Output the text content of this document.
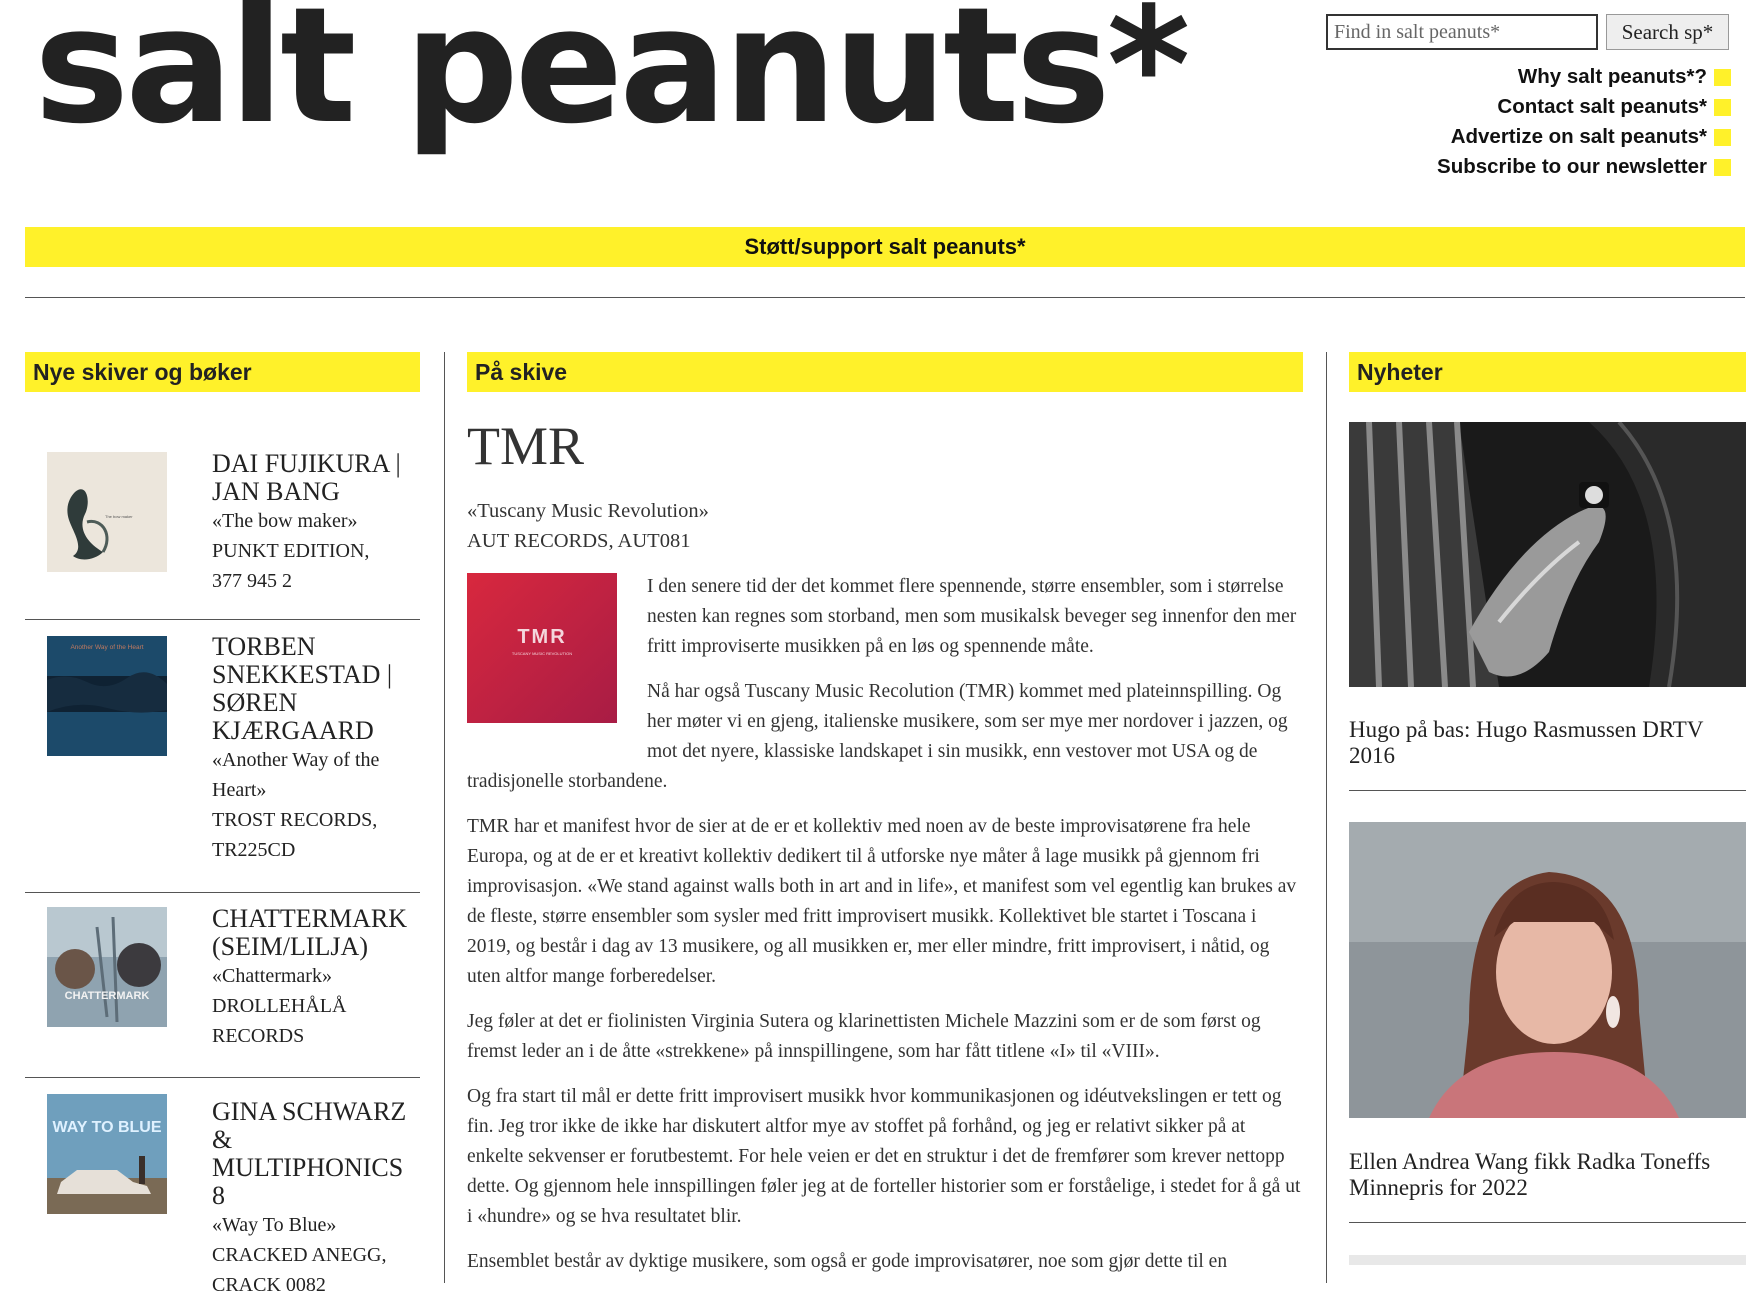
salt peanuts*
Find in salt peanuts*	Search sp*
Why salt peanuts*?
Contact salt peanuts*
Advertize on salt peanuts*
Subscribe to our newsletter
Støtt/support salt peanuts*
Nye skiver og bøker	På skive	Nyheter
The bow maker
DAI FUJIKURA | JAN BANG
«The bow maker»
PUNKT EDITION,
377 945 2
Another Way of the Heart	TORBEN SNEKKESTAD | SØREN KJÆRGAARD
«Another Way of the Heart»
TROST RECORDS,
TR225CD
CHATTERMARK
CHATTERMARK (SEIM/LILJA)
«Chattermark»
DROLLEHÅLÅ
RECORDS
WAY TO BLUE
GINA SCHWARZ & MULTIPHONICS 8
«Way To Blue»
CRACKED ANEGG,
CRACK 0082
TMR
«Tuscany Music Revolution»
AUT RECORDS, AUT081
TMR
TUSCANY MUSIC REVOLUTION

I den senere tid der det kommet flere spennende, større ensembler, som i størrelse nesten kan regnes som storband, men som musikalsk beveger seg innenfor den mer fritt improviserte musikken på en løs og spennende måte.

Nå har også Tuscany Music Recolution (TMR) kommet med plateinnspilling. Og her møter vi en gjeng, italienske musikere, som ser mye mer nordover i jazzen, og mot det nyere, klassiske landskapet i sin musikk, enn vestover mot USA og de tradisjonelle storbandene.

TMR har et manifest hvor de sier at de er et kollektiv med noen av de beste improvisatørene fra hele Europa, og at de er et kreativt kollektiv dedikert til å utforske nye måter å lage musikk på gjennom fri improvisasjon. «We stand against walls both in art and in life», et manifest som vel egentlig kan brukes av de fleste, større ensembler som sysler med fritt improvisert musikk. Kollektivet ble startet i Toscana i 2019, og består i dag av 13 musikere, og all musikken er, mer eller mindre, fritt improvisert, i nåtid, og uten altfor mange forberedelser.

Jeg føler at det er fiolinisten Virginia Sutera og klarinettisten Michele Mazzini som er de som først og fremst leder an i de åtte «strekkene» på innspillingene, som har fått titlene «I» til «VIII».

Og fra start til mål er dette fritt improvisert musikk hvor kommunikasjonen og idéutvekslingen er tett og fin. Jeg tror ikke de ikke har diskutert altfor mye av stoffet på forhånd, og jeg er relativt sikker på at enkelte sekvenser er forutbestemt. For hele veien er det en struktur i det de fremfører som krever nettopp dette. Og gjennom hele innspillingen føler jeg at de forteller historier som er forståelige, i stedet for å gå ut i «hundre» og se hva resultatet blir.

Ensemblet består av dyktige musikere, som også er gode improvisatører, noe som gjør dette til en

Hugo på bas: Hugo Rasmussen DRTV 2016
Ellen Andrea Wang fikk Radka Toneffs Minnepris for 2022
